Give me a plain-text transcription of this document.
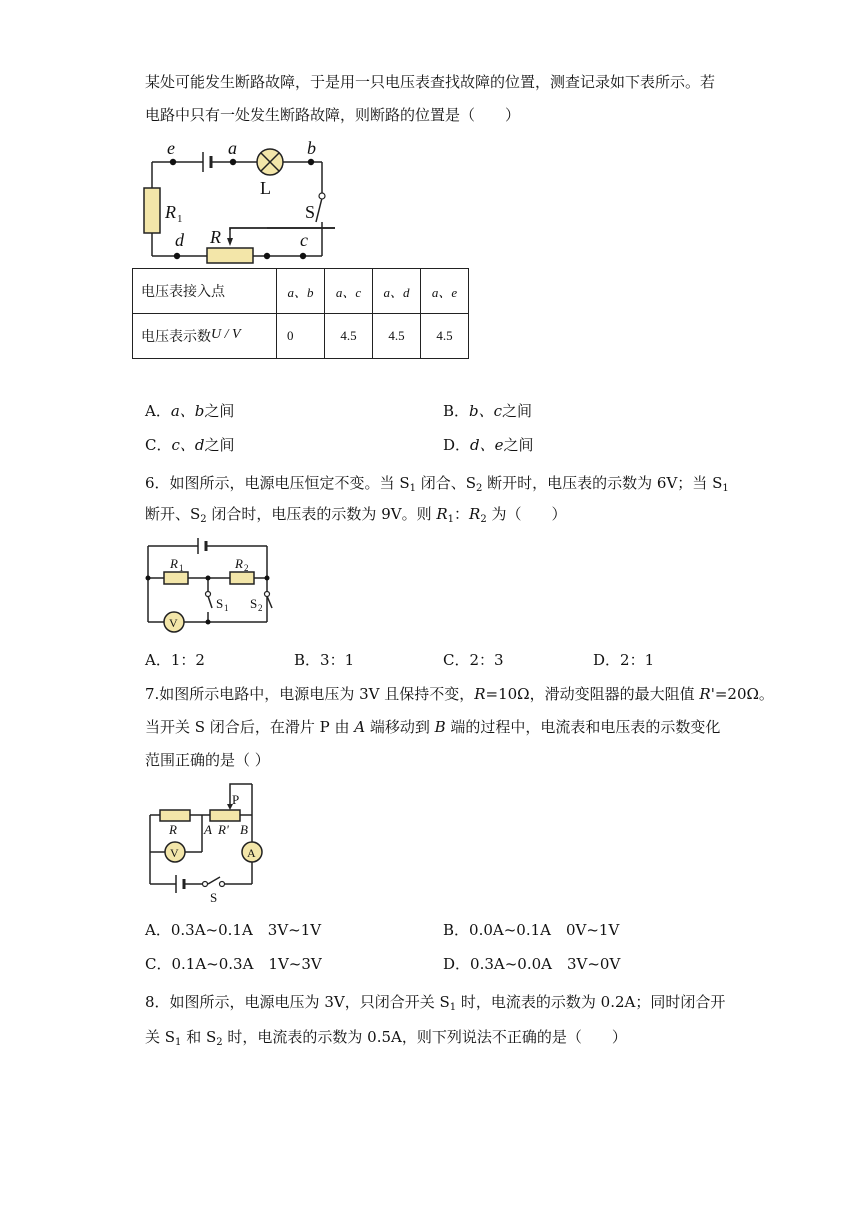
某处可能发生断路故障，于是用一只电压表查找故障的位置，测查记录如下表所示。若
电路中只有一处发生断路故障，则断路的位置是（　　）
e	a	b
L
S
R 1
R
d	c
电压表接入点	a、b	a、c	a、d	a、e
电压表示数U / V	0	4.5	4.5	4.5
A．a、b之间	B．b、c之间
C．c、d之间	D．d、e之间
6．如图所示，电源电压恒定不变。当 $S_1$ 闭合、$S_2$ 断开时，电压表的示数为 6V；当 $S_1$
断开、$S_2$ 闭合时，电压表的示数为 9V。则 $R_1$：$R_2$ 为（　　）
R 1	R 2
S 1 S 2
V
A．1：2	B．3：1	C．2：3	D．2：1
7.如图所示电路中，电源电压为 3V 且保持不变，R=10Ω，滑动变阻器的最大阻值 R'=20Ω。
当开关 S 闭合后，在滑片 P 由 A 端移动到 B 端的过程中，电流表和电压表的示数变化
范围正确的是（ ）
P
R A R' B
V	A
S
A．0.3A~0.1A　3V~1V	B．0.0A~0.1A　0V~1V
C．0.1A~0.3A　1V~3V	D．0.3A~0.0A　3V~0V
8．如图所示，电源电压为 3V，只闭合开关 $S_1$ 时，电流表的示数为 0.2A；同时闭合开
关 $S_1$ 和 $S_2$ 时，电流表的示数为 0.5A，则下列说法不正确的是（　　）
